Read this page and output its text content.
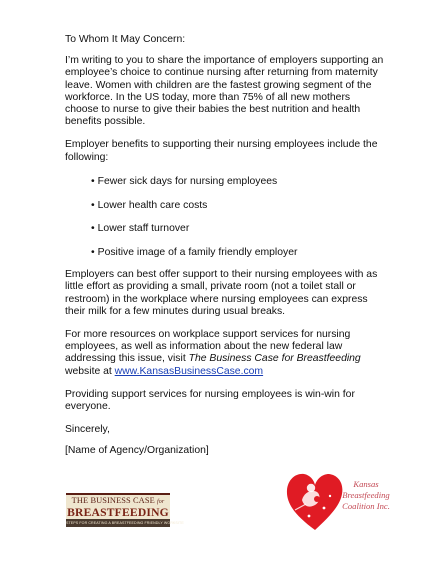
To Whom It May Concern:

I’m writing to you to share the importance of employers supporting an employee’s choice to continue nursing after returning from maternity leave. Women with children are the fastest growing segment of the workforce. In the US today, more than 75% of all new mothers choose to nurse to give their babies the best nutrition and health benefits possible.

Employer benefits to supporting their nursing employees include the following:

• Fewer sick days for nursing employees
• Lower health care costs
• Lower staff turnover
• Positive image of a family friendly employer

Employers can best offer support to their nursing employees with as little effort as providing a small, private room (not a toilet stall or restroom) in the workplace where nursing employees can express their milk for a few minutes during usual breaks.

For more resources on workplace support services for nursing employees, as well as information about the new federal law addressing this issue, visit The Business Case for Breastfeeding
website at www.KansasBusinessCase.com

Providing support services for nursing employees is win-win for everyone.

Sincerely,

[Name of Agency/Organization]

THE BUSINESS CASE for
BREASTFEEDING
STEPS FOR CREATING A BREASTFEEDING FRIENDLY WORKSITE
Kansas
Breastfeeding
Coalition Inc.
